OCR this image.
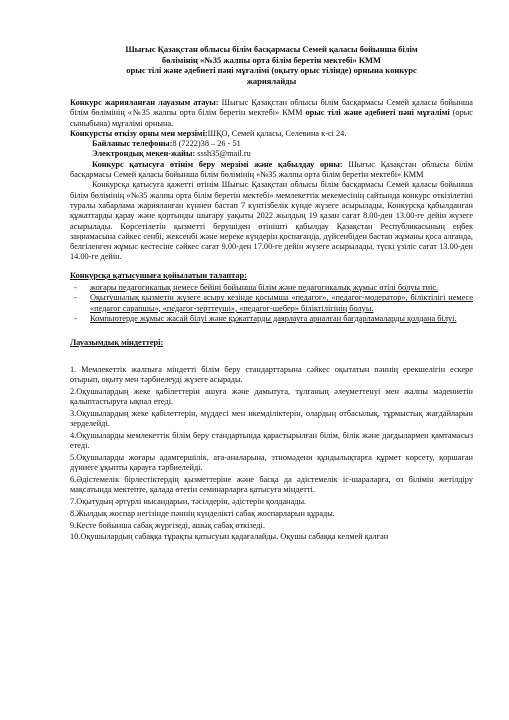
Шығыс Қазақстан облысы білім басқармасы Семей қаласы бойынша білім
бөлімінің «№35 жалпы орта білім беретін мектебі» КММ
орыс тілі және әдебиеті пәні мұғалімі (оқыту орыс тілінде) орнына конкурс
жариялайды

Конкурс жарияланған лауазым атауы: Шығыс Қазақстан облысы білім басқармасы Семей қаласы бойынша білім бөлімінің «№35 жалпы орта білім беретін мектебі» КММ орыс тілі және әдебиеті пәні мұғалімі (орыс сыныбына) мұғалімі орнына.

Конкурсты өткізу орны мен мерзімі:ШҚО, Семей қаласы, Селевина к-сі 24.

Байланыс телефоны:8 (7222)38 – 26 - 51

Электрондық мекен-жайы: sssh35@mail.ru

Конкурс қатысуға өтінім беру мерзімі және қабылдау орны: Шығыс Қазақстан облысы білім басқармасы Семей қаласы бойынша білім бөлімінің «№35 жалпы орта білім беретін мектебі» КММ

Конкурсқа қатысуға қажетті өтінім Шығыс Қазақстан облысы білім басқармасы Семей қаласы бойынша білім бөлімінің «№35 жалпы орта білім беретін мектебі» мемлекеттік мекемесінің сайтында конкурс өткізілетіні туралы хабарлама жарияланған күннен бастап 7 күнтізбелік күнде жүзеге асырылады, Конкурсқа қабылданған құжаттарды қарау және қортынды шығару уақыты 2022 жылдың 19 қазан сағат 8.00-ден 13.00-ге дейін жүзеге асырылады. Көрсетілетін қызметті берушіден өтінішті қабылдау Қазақстан Республикасының еңбек заңнамасына сәйкес сенбі, жексенбі және мереке күндерін қоспағанда, дүйсенбіден бастап жұманы қоса алғанда, белгіленген жұмыс кестесіне сәйкес сағат 9.00-ден 17.00-ге дейін жүзеге асырылады, түскі үзіліс сағат 13.00-ден 14.00-ге дейін.

Конкурсқа қатысушыға қойылатын талаптар:

- жоғары педагогикалық немесе бейіні бойынша білім және педагогикалық жұмыс өтілі болуы тиіс.
- Оқытушылық қызметін жүзеге асыру кезінде қосымша «педагог», «педагог-модератор», біліктілігі немесе «педагог сарапшы», «педагог-зерттеуші», «педагог-шебер» біліктілігінің болуы.
- Компьютерде жұмыс жасай білуі және құжаттарды даярлауға арналған бағдарламаларды қолдана білуі.

Лауазымдық міндеттері:

1. Мемлекеттік жалпыға міндетті білім беру стандарттарына сәйкес оқытатын пәннің ерекшелігін ескере отырып, оқыту мен тәрбиелеуді жүзеге асырады.

2.Оқушылардың жеке қабілеттерін ашуға және дамытуға, тұлғаның әлеуметтенуі мен жалпы мәдениетін қалыптастыруға ықпал етеді.

3.Оқушылардың жеке қабілеттерін, мүддесі мен икемділіктерін, олардың отбасылық, тұрмыстық жағдайларын зерделейді.

4.Оқушыларды мемлекеттік білім беру стандартында қарастырылған білім, білік және дағдылармен қамтамасыз етеді.

5.Оқушыларды жоғары адамгершілік, ата-аналарына, этномәдени құндылықтарға құрмет көрсету, қоршаған дүниеге ұқыпты қарауға тәрбиелейді.

6.Әдістемелік бірлестіктердің қызметтеріне және басқа да әдістемелік іс-шараларға, өз білімін жетілдіру мақсатында мектепте, қалада өтетін семинарларға қатысуға міндетті.

7.Оқытудың әртүрлі нысандарын, тәсілдерін, әдістерін қолданады.

8.Жылдық жоспар негізінде пәннің күнделікті сабақ жоспарларын құрады.

9.Кесте бойынша сабақ жүргізеді, ашық сабақ өткізеді.

10.Оқушылардың сабаққа тұрақты қатысуын қадағалайды. Оқушы сабаққа келмей қалған
